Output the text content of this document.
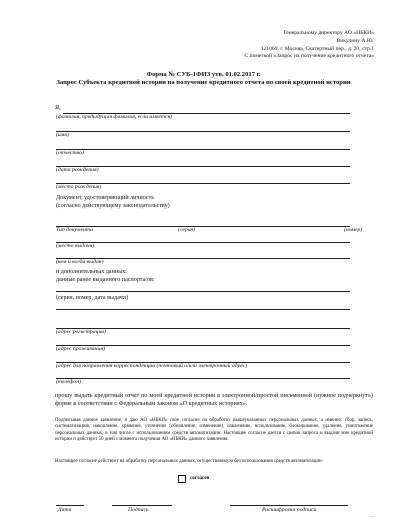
Генеральному директору АО «НБКИ»
Викулину А.Ю.
121069, г. Москва, Скатертный пер., д. 20, стр.1
С пометкой «Запрос на получение кредитного отчета»
Форма № СУБ-1ФИЗ утв. 01.02.2017 г.
Запрос Субъекта кредитной истории на получение кредитного отчета по своей кредитной истории
Я,
(фамилия, предыдущая фамилия, если имеется)
(имя)
(отчество)
(дата рождения)
(место рождения)
Документ, удостоверяющий личность
(согласно действующему законодательству)
Тип документа	(серия)	(номер)
(место выдачи)
(кем и когда выдан)
и дополнительных данных:
данные ранее выданного паспорта/ов:
(серия, номер, дата выдачи)
(адрес регистрации)
(адрес проживания)
(адрес для направления корреспонденции (почтовый и/или электронный адрес)
(телефон)
прошу выдать кредитный отчет по моей кредитной истории в электронной/простой письменной (нужное подчеркнуть) форме в соответствии с Федеральным законом «О кредитных историях».
Подписывая данное заявление, я даю АО «НБКИ» свое согласие на обработку вышеуказанных персональных данных, а именно: сбор, запись, систематизацию, накопление, хранение, уточнение (обновление, изменение), извлечение, использование, блокирование, удаление, уничтожение персональных данных, в том числе с использованием средств автоматизации. Настоящее согласие дается с целью запроса и выдачи мне кредитной истории и действует 50 дней с момента получения АО «НБКИ» данного заявления.
Настоящее согласие действует на обработку персональных данных, осуществляемую без использования средств автоматизации:
согласен
Дата	Подпись	Расшифровка подписи
—
